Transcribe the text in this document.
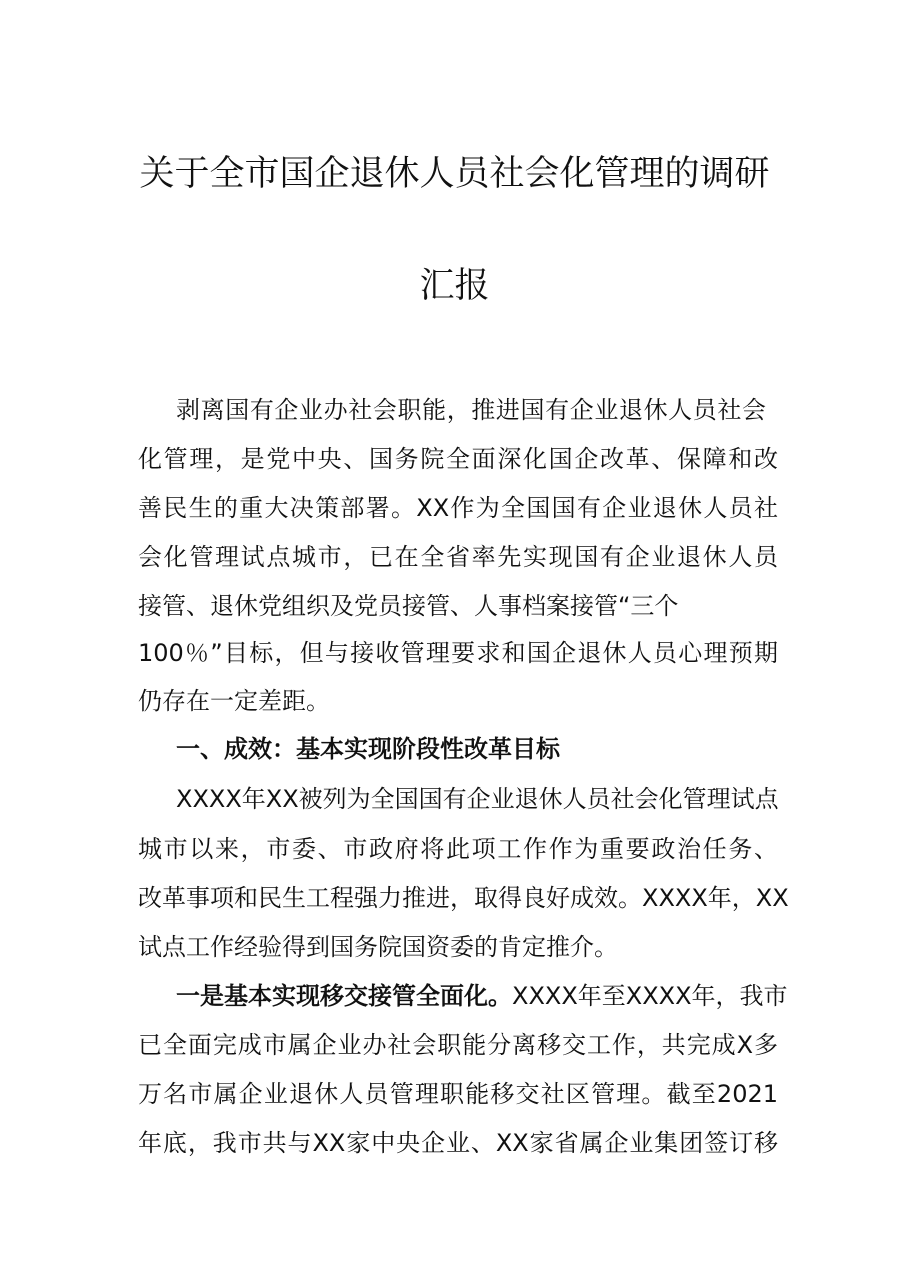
关于全市国企退休人员社会化管理的调研
汇报
剥离国有企业办社会职能，推进国有企业退休人员社会
化管理，是党中央、国务院全面深化国企改革、保障和改
善民生的重大决策部署。XX作为全国国有企业退休人员社
会化管理试点城市，已在全省率先实现国有企业退休人员
接管、退休党组织及党员接管、人事档案接管“三个
100％”目标，但与接收管理要求和国企退休人员心理预期
仍存在一定差距。
一、成效：基本实现阶段性改革目标
XXXX年XX被列为全国国有企业退休人员社会化管理试点
城市以来，市委、市政府将此项工作作为重要政治任务、
改革事项和民生工程强力推进，取得良好成效。XXXX年，XX
试点工作经验得到国务院国资委的肯定推介。
一是基本实现移交接管全面化。XXXX年至XXXX年，我市
已全面完成市属企业办社会职能分离移交工作，共完成X多
万名市属企业退休人员管理职能移交社区管理。截至2021
年底，我市共与XX家中央企业、XX家省属企业集团签订移
